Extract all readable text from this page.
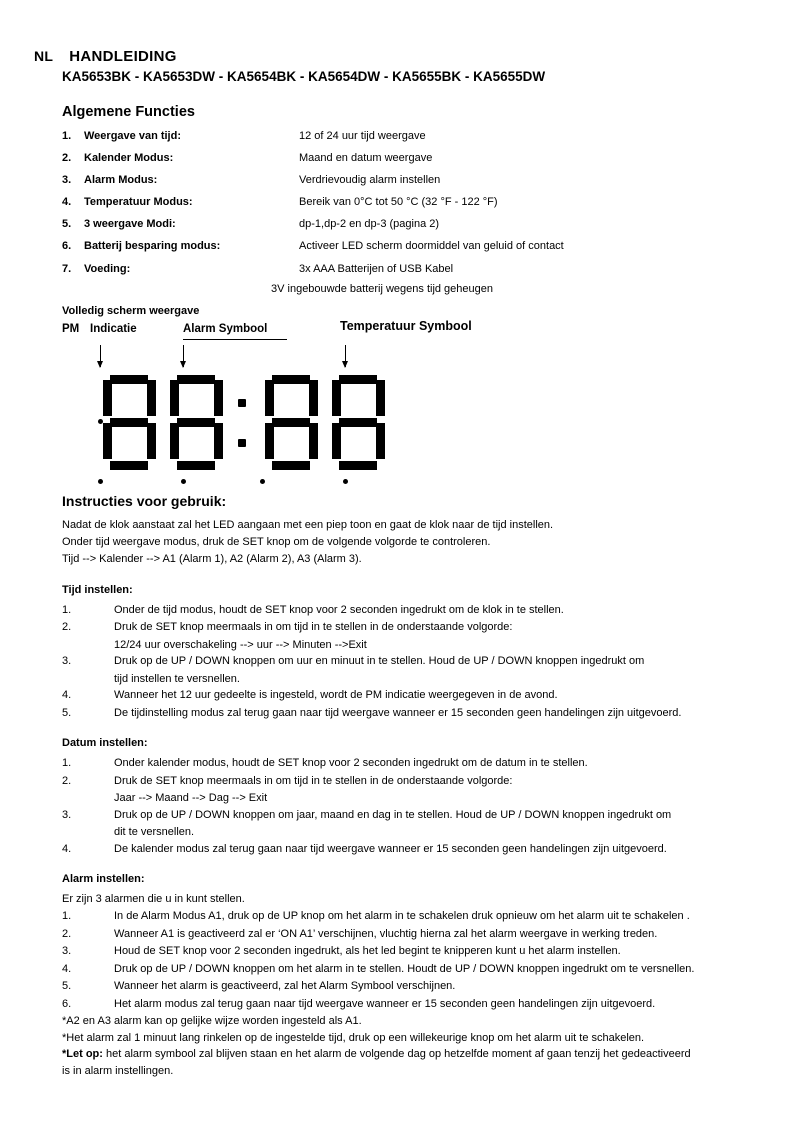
NL HANDLEIDING
KA5653BK - KA5653DW - KA5654BK - KA5654DW - KA5655BK - KA5655DW
Algemene Functies
1.	Weergave van tijd:	12 of 24 uur tijd weergave
2.	Kalender Modus:	Maand en datum weergave
3.	Alarm Modus:	Verdrievoudig alarm instellen
4.	Temperatuur Modus:	Bereik van 0°C tot 50 °C (32 °F - 122 °F)
5.	3 weergave Modi:	dp-1,dp-2 en dp-3 (pagina 2)
6.	Batterij besparing modus:	Activeer LED scherm doormiddel van geluid of contact
7.	Voeding:	3x AAA Batterijen of USB Kabel
3V ingebouwde batterij wegens tijd geheugen
Volledig scherm weergave
PM Indicatie	Alarm Symbool	Temperatuur Symbool
Instructies voor gebruik:
Nadat de klok aanstaat zal het LED aangaan met een piep toon en gaat de klok naar de tijd instellen.
Onder tijd weergave modus, druk de SET knop om de volgende volgorde te controleren.
Tijd --> Kalender --> A1 (Alarm 1), A2 (Alarm 2), A3 (Alarm 3).
Tijd instellen:
1.	Onder de tijd modus, houdt de SET knop voor 2 seconden ingedrukt om de klok in te stellen.
2.	Druk de SET knop meermaals in om tijd in te stellen in de onderstaande volgorde:
12/24 uur overschakeling --> uur --> Minuten -->Exit
3.	Druk op de UP / DOWN knoppen om uur en minuut in te stellen. Houd de UP / DOWN knoppen ingedrukt om
tijd instellen te versnellen.
4.	Wanneer het 12 uur gedeelte is ingesteld, wordt de PM indicatie weergegeven in de avond.
5.	De tijdinstelling modus zal terug gaan naar tijd weergave wanneer er 15 seconden geen handelingen zijn uitgevoerd.
Datum instellen:
1.	Onder kalender modus, houdt de SET knop voor 2 seconden ingedrukt om de datum in te stellen.
2.	Druk de SET knop meermaals in om tijd in te stellen in de onderstaande volgorde:
Jaar --> Maand --> Dag --> Exit
3.	Druk op de UP / DOWN knoppen om jaar, maand en dag in te stellen. Houd de UP / DOWN knoppen ingedrukt om
dit te versnellen.
4.	De kalender modus zal terug gaan naar tijd weergave wanneer er 15 seconden geen handelingen zijn uitgevoerd.
Alarm instellen:
Er zijn 3 alarmen die u in kunt stellen.
1.	In de Alarm Modus A1, druk op de UP knop om het alarm in te schakelen druk opnieuw om het alarm uit te schakelen .
2.	Wanneer A1 is geactiveerd zal er ‘ON A1’ verschijnen, vluchtig hierna zal het alarm weergave in werking treden.
3.	Houd de SET knop voor 2 seconden ingedrukt, als het led begint te knipperen kunt u het alarm instellen.
4.	Druk op de UP / DOWN knoppen om het alarm in te stellen. Houdt de UP / DOWN knoppen ingedrukt om te versnellen.
5.	Wanneer het alarm is geactiveerd, zal het Alarm Symbool verschijnen.
6.	Het alarm modus zal terug gaan naar tijd weergave wanneer er 15 seconden geen handelingen zijn uitgevoerd.
*A2 en A3 alarm kan op gelijke wijze worden ingesteld als A1.
*Het alarm zal 1 minuut lang rinkelen op de ingestelde tijd, druk op een willekeurige knop om het alarm uit te schakelen.
*Let op: het alarm symbool zal blijven staan en het alarm de volgende dag op hetzelfde moment af gaan tenzij het gedeactiveerd
is in alarm instellingen.
